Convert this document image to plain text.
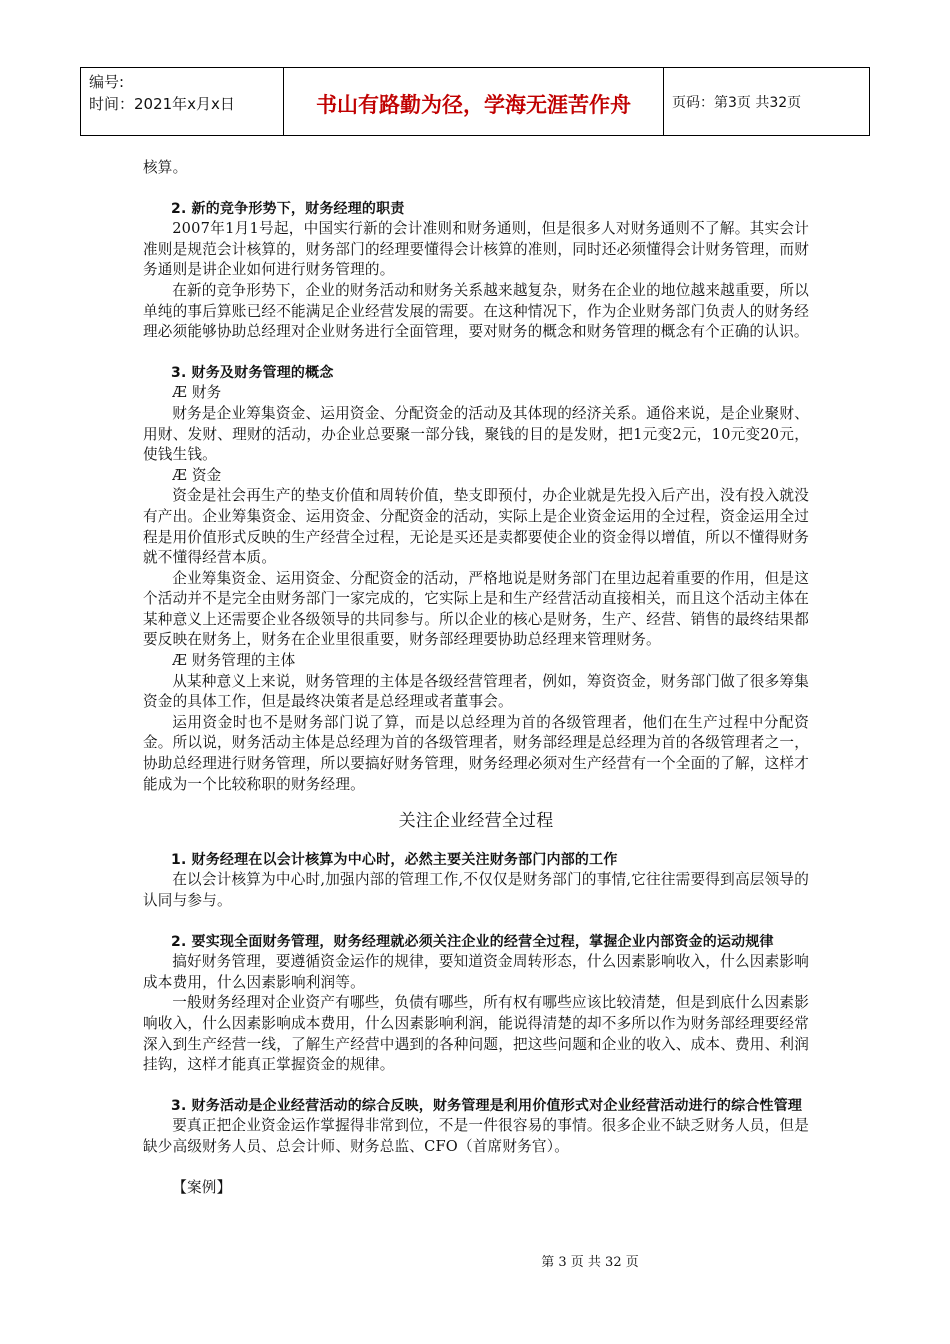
编号:
时间：2021年x月x日	书山有路勤为径，学海无涯苦作舟	页码：第3页 共32页

核算。

2. 新的竞争形势下，财务经理的职责

2007年1月1号起，中国实行新的会计准则和财务通则，但是很多人对财务通则不了解。其实会计准则是规范会计核算的，财务部门的经理要懂得会计核算的准则，同时还必须懂得会计财务管理，而财务通则是讲企业如何进行财务管理的。

在新的竞争形势下，企业的财务活动和财务关系越来越复杂，财务在企业的地位越来越重要，所以单纯的事后算账已经不能满足企业经营发展的需要。在这种情况下，作为企业财务部门负责人的财务经理必须能够协助总经理对企业财务进行全面管理，要对财务的概念和财务管理的概念有个正确的认识。

3. 财务及财务管理的概念

Æ 财务

财务是企业筹集资金、运用资金、分配资金的活动及其体现的经济关系。通俗来说，是企业聚财、用财、发财、理财的活动，办企业总要聚一部分钱，聚钱的目的是发财，把1元变2元，10元变20元，使钱生钱。

Æ 资金

资金是社会再生产的垫支价值和周转价值，垫支即预付，办企业就是先投入后产出，没有投入就没有产出。企业筹集资金、运用资金、分配资金的活动，实际上是企业资金运用的全过程，资金运用全过程是用价值形式反映的生产经营全过程，无论是买还是卖都要使企业的资金得以增值，所以不懂得财务就不懂得经营本质。

企业筹集资金、运用资金、分配资金的活动，严格地说是财务部门在里边起着重要的作用，但是这个活动并不是完全由财务部门一家完成的，它实际上是和生产经营活动直接相关，而且这个活动主体在某种意义上还需要企业各级领导的共同参与。所以企业的核心是财务，生产、经营、销售的最终结果都要反映在财务上，财务在企业里很重要，财务部经理要协助总经理来管理财务。

Æ 财务管理的主体

从某种意义上来说，财务管理的主体是各级经营管理者，例如，筹资资金，财务部门做了很多筹集资金的具体工作，但是最终决策者是总经理或者董事会。

运用资金时也不是财务部门说了算，而是以总经理为首的各级管理者，他们在生产过程中分配资金。所以说，财务活动主体是总经理为首的各级管理者，财务部经理是总经理为首的各级管理者之一，协助总经理进行财务管理，所以要搞好财务管理，财务经理必须对生产经营有一个全面的了解，这样才能成为一个比较称职的财务经理。

关注企业经营全过程

1. 财务经理在以会计核算为中心时，必然主要关注财务部门内部的工作

在以会计核算为中心时,加强内部的管理工作,不仅仅是财务部门的事情,它往往需要得到高层领导的认同与参与。

2. 要实现全面财务管理，财务经理就必须关注企业的经营全过程，掌握企业内部资金的运动规律

搞好财务管理，要遵循资金运作的规律，要知道资金周转形态，什么因素影响收入，什么因素影响成本费用，什么因素影响利润等。

一般财务经理对企业资产有哪些，负债有哪些，所有权有哪些应该比较清楚，但是到底什么因素影响收入，什么因素影响成本费用，什么因素影响利润，能说得清楚的却不多所以作为财务部经理要经常深入到生产经营一线，了解生产经营中遇到的各种问题，把这些问题和企业的收入、成本、费用、利润挂钩，这样才能真正掌握资金的规律。

3. 财务活动是企业经营活动的综合反映，财务管理是利用价值形式对企业经营活动进行的综合性管理

要真正把企业资金运作掌握得非常到位，不是一件很容易的事情。很多企业不缺乏财务人员，但是缺少高级财务人员、总会计师、财务总监、CFO（首席财务官）。

【案例】

第 3 页 共 32 页
